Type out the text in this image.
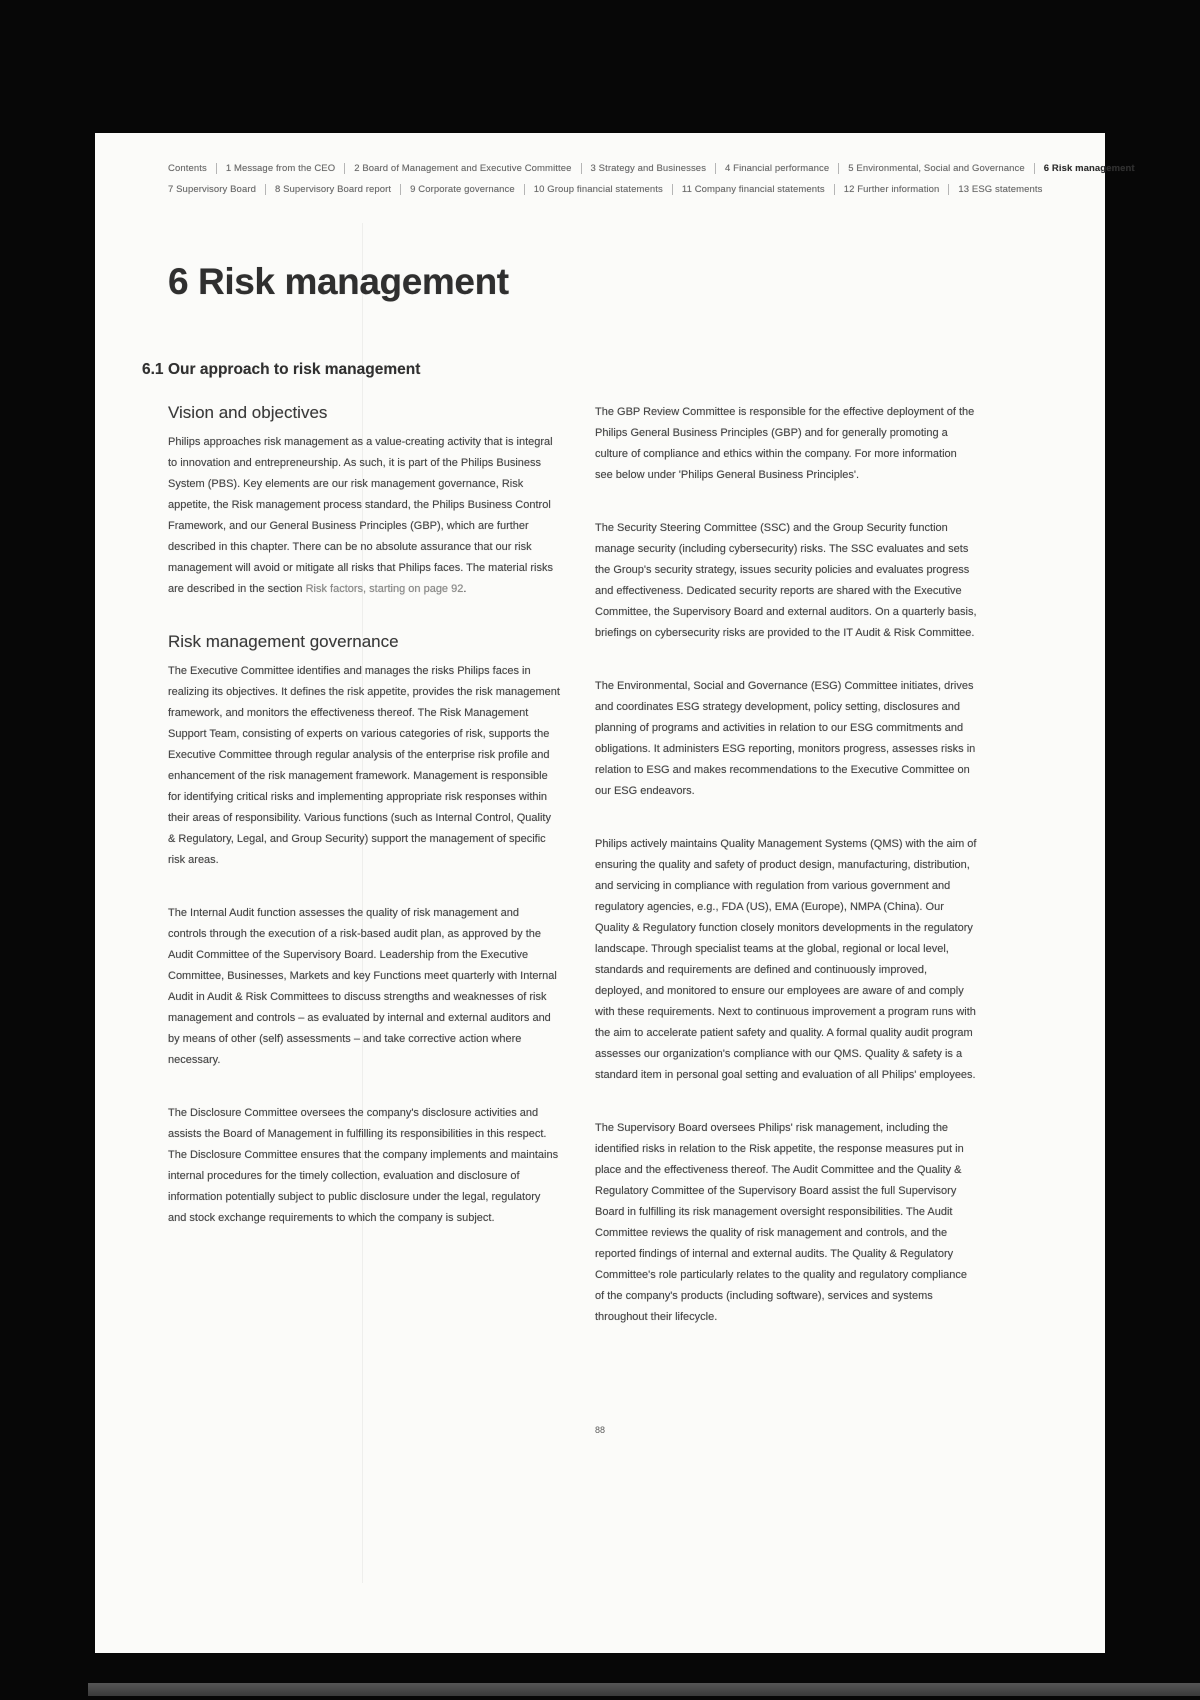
Contents	1 Message from the CEO	2 Board of Management and Executive Committee	3 Strategy and Businesses	4 Financial performance	5 Environmental, Social and Governance	6 Risk management
7 Supervisory Board	8 Supervisory Board report	9 Corporate governance	10 Group financial statements	11 Company financial statements	12 Further information	13 ESG statements
6 Risk management
6.1 Our approach to risk management
Vision and objectives

Philips approaches risk management as a value-creating activity that is integral to innovation and entrepreneurship. As such, it is part of the Philips Business System (PBS). Key elements are our risk management governance, Risk appetite, the Risk management process standard, the Philips Business Control Framework, and our General Business Principles (GBP), which are further described in this chapter. There can be no absolute assurance that our risk management will avoid or mitigate all risks that Philips faces. The material risks are described in the section Risk factors, starting on page 92.

Risk management governance

The Executive Committee identifies and manages the risks Philips faces in realizing its objectives. It defines the risk appetite, provides the risk management framework, and monitors the effectiveness thereof. The Risk Management Support Team, consisting of experts on various categories of risk, supports the Executive Committee through regular analysis of the enterprise risk profile and enhancement of the risk management framework. Management is responsible for identifying critical risks and implementing appropriate risk responses within their areas of responsibility. Various functions (such as Internal Control, Quality & Regulatory, Legal, and Group Security) support the management of specific risk areas.

The Internal Audit function assesses the quality of risk management and controls through the execution of a risk-based audit plan, as approved by the Audit Committee of the Supervisory Board. Leadership from the Executive Committee, Businesses, Markets and key Functions meet quarterly with Internal Audit in Audit & Risk Committees to discuss strengths and weaknesses of risk management and controls – as evaluated by internal and external auditors and by means of other (self) assessments – and take corrective action where necessary.

The Disclosure Committee oversees the company's disclosure activities and assists the Board of Management in fulfilling its responsibilities in this respect. The Disclosure Committee ensures that the company implements and maintains internal procedures for the timely collection, evaluation and disclosure of information potentially subject to public disclosure under the legal, regulatory and stock exchange requirements to which the company is subject.

The GBP Review Committee is responsible for the effective deployment of the Philips General Business Principles (GBP) and for generally promoting a culture of compliance and ethics within the company. For more information see below under 'Philips General Business Principles'.

The Security Steering Committee (SSC) and the Group Security function manage security (including cybersecurity) risks. The SSC evaluates and sets the Group's security strategy, issues security policies and evaluates progress and effectiveness. Dedicated security reports are shared with the Executive Committee, the Supervisory Board and external auditors. On a quarterly basis, briefings on cybersecurity risks are provided to the IT Audit & Risk Committee.

The Environmental, Social and Governance (ESG) Committee initiates, drives and coordinates ESG strategy development, policy setting, disclosures and planning of programs and activities in relation to our ESG commitments and obligations. It administers ESG reporting, monitors progress, assesses risks in relation to ESG and makes recommendations to the Executive Committee on our ESG endeavors.

Philips actively maintains Quality Management Systems (QMS) with the aim of ensuring the quality and safety of product design, manufacturing, distribution, and servicing in compliance with regulation from various government and regulatory agencies, e.g., FDA (US), EMA (Europe), NMPA (China). Our Quality & Regulatory function closely monitors developments in the regulatory landscape. Through specialist teams at the global, regional or local level, standards and requirements are defined and continuously improved, deployed, and monitored to ensure our employees are aware of and comply with these requirements. Next to continuous improvement a program runs with the aim to accelerate patient safety and quality. A formal quality audit program assesses our organization's compliance with our QMS. Quality & safety is a standard item in personal goal setting and evaluation of all Philips' employees.

The Supervisory Board oversees Philips' risk management, including the identified risks in relation to the Risk appetite, the response measures put in place and the effectiveness thereof. The Audit Committee and the Quality & Regulatory Committee of the Supervisory Board assist the full Supervisory Board in fulfilling its risk management oversight responsibilities. The Audit Committee reviews the quality of risk management and controls, and the reported findings of internal and external audits. The Quality & Regulatory Committee's role particularly relates to the quality and regulatory compliance of the company's products (including software), services and systems throughout their lifecycle.

88
